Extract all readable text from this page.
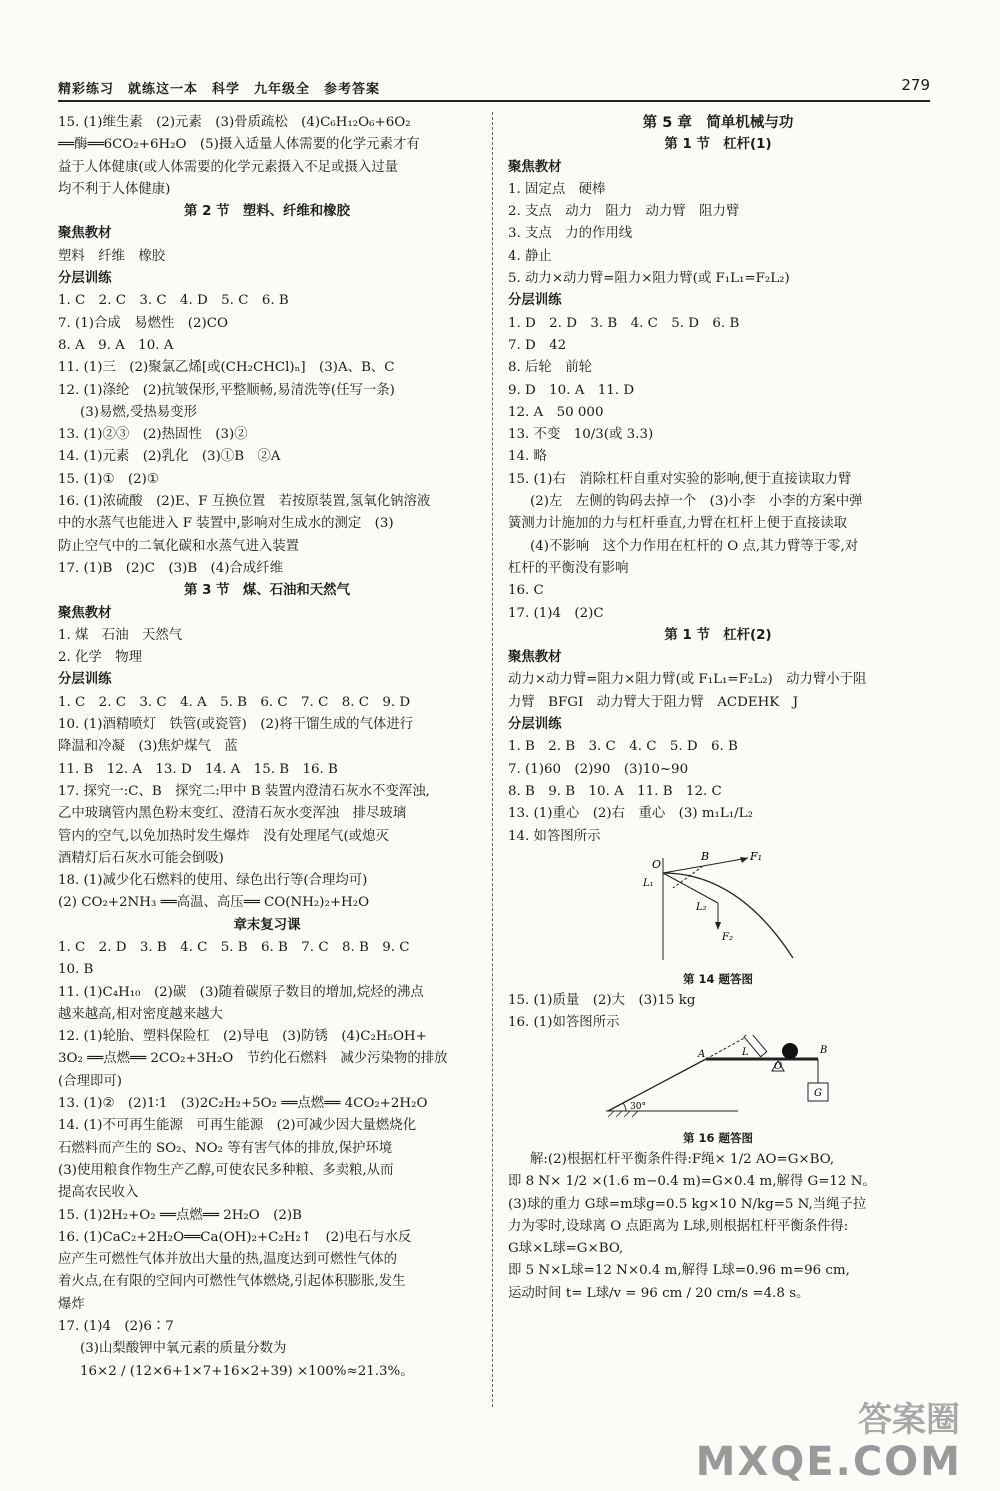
精彩练习　就练这一本　科学　九年级全　参考答案	279
15. (1)维生素　(2)元素　(3)骨质疏松　(4)C₆H₁₂O₆+6O₂
══酶══6CO₂+6H₂O　(5)摄入适量人体需要的化学元素才有
益于人体健康(或人体需要的化学元素摄入不足或摄入过量
均不利于人体健康)
第 2 节　塑料、纤维和橡胶
聚焦教材
塑料　纤维　橡胶
分层训练
1. C　2. C　3. C　4. D　5. C　6. B
7. (1)合成　易燃性　(2)CO
8. A　9. A　10. A
11. (1)三　(2)聚氯乙烯[或(CH₂CHCl)ₙ]　(3)A、B、C
12. (1)涤纶　(2)抗皱保形,平整顺畅,易清洗等(任写一条)
(3)易燃,受热易变形
13. (1)②③　(2)热固性　(3)②
14. (1)元素　(2)乳化　(3)①B　②A
15. (1)①　(2)①
16. (1)浓硫酸　(2)E、F 互换位置　若按原装置,氢氧化钠溶液
中的水蒸气也能进入 F 装置中,影响对生成水的测定　(3)
防止空气中的二氧化碳和水蒸气进入装置
17. (1)B　(2)C　(3)B　(4)合成纤维
第 3 节　煤、石油和天然气
聚焦教材
1. 煤　石油　天然气
2. 化学　物理
分层训练
1. C　2. C　3. C　4. A　5. B　6. C　7. C　8. C　9. D
10. (1)酒精喷灯　铁管(或瓷管)　(2)将干馏生成的气体进行
降温和冷凝　(3)焦炉煤气　蓝
11. B　12. A　13. D　14. A　15. B　16. B
17. 探究一:C、B　探究二:甲中 B 装置内澄清石灰水不变浑浊,
乙中玻璃管内黑色粉末变红、澄清石灰水变浑浊　排尽玻璃
管内的空气,以免加热时发生爆炸　没有处理尾气(或熄灭
酒精灯后石灰水可能会倒吸)
18. (1)减少化石燃料的使用、绿色出行等(合理均可)
(2) CO₂+2NH₃ ══高温、高压══ CO(NH₂)₂+H₂O
章末复习课
1. C　2. D　3. B　4. C　5. B　6. B　7. C　8. B　9. C
10. B
11. (1)C₄H₁₀　(2)碳　(3)随着碳原子数目的增加,烷烃的沸点
越来越高,相对密度越来越大
12. (1)轮胎、塑料保险杠　(2)导电　(3)防锈　(4)C₂H₅OH+
3O₂ ══点燃══ 2CO₂+3H₂O　节约化石燃料　减少污染物的排放
(合理即可)
13. (1)②　(2)1∶1　(3)2C₂H₂+5O₂ ══点燃══ 4CO₂+2H₂O
14. (1)不可再生能源　可再生能源　(2)可减少因大量燃烧化
石燃料而产生的 SO₂、NO₂ 等有害气体的排放,保护环境
(3)使用粮食作物生产乙醇,可使农民多种粮、多卖粮,从而
提高农民收入
15. (1)2H₂+O₂ ══点燃══ 2H₂O　(2)B
16. (1)CaC₂+2H₂O══Ca(OH)₂+C₂H₂↑　(2)电石与水反
应产生可燃性气体并放出大量的热,温度达到可燃性气体的
着火点,在有限的空间内可燃性气体燃烧,引起体积膨胀,发生
爆炸
17. (1)4　(2)6∶7
(3)山梨酸钾中氧元素的质量分数为
16×2 / (12×6+1×7+16×2+39) ×100%≈21.3%。
第 5 章　简单机械与功
第 1 节　杠杆(1)
聚焦教材
1. 固定点　硬棒
2. 支点　动力　阻力　动力臂　阻力臂
3. 支点　力的作用线
4. 静止
5. 动力×动力臂=阻力×阻力臂(或 F₁L₁=F₂L₂)
分层训练
1. D　2. D　3. B　4. C　5. D　6. B
7. D　42
8. 后轮　前轮
9. D　10. A　11. D
12. A　50 000
13. 不变　10/3(或 3.3)
14. 略
15. (1)右　消除杠杆自重对实验的影响,便于直接读取力臂
(2)左　左侧的钩码去掉一个　(3)小李　小李的方案中弹
簧测力计施加的力与杠杆垂直,力臂在杠杆上便于直接读取
(4)不影响　这个力作用在杠杆的 O 点,其力臂等于零,对
杠杆的平衡没有影响
16. C
17. (1)4　(2)C
第 1 节　杠杆(2)
聚焦教材
动力×动力臂=阻力×阻力臂(或 F₁L₁=F₂L₂)　动力臂小于阻
力臂　BFGI　动力臂大于阻力臂　ACDEHK　J
分层训练
1. B　2. B　3. C　4. C　5. D　6. B
7. (1)60　(2)90　(3)10~90
8. B　9. B　10. A　11. B　12. C
13. (1)重心　(2)右　重心　(3) m₁L₁/L₂
14. 如答图所示
O
B	F₁
L₁
L₂
F₂
第 14 题答图
15. (1)质量　(2)大　(3)15 kg
16. (1)如答图所示
A	B
L
O
G
30°
第 16 题答图
解:(2)根据杠杆平衡条件得:F绳× 1/2 AO=G×BO,
即 8 N× 1/2 ×(1.6 m−0.4 m)=G×0.4 m,解得 G=12 N。
(3)球的重力 G球=m球g=0.5 kg×10 N/kg=5 N,当绳子拉
力为零时,设球离 O 点距离为 L球,则根据杠杆平衡条件得:
G球×L球=G×BO,
即 5 N×L球=12 N×0.4 m,解得 L球=0.96 m=96 cm,
运动时间 t= L球/v = 96 cm / 20 cm/s =4.8 s。
答案圈
MXQE.COM
